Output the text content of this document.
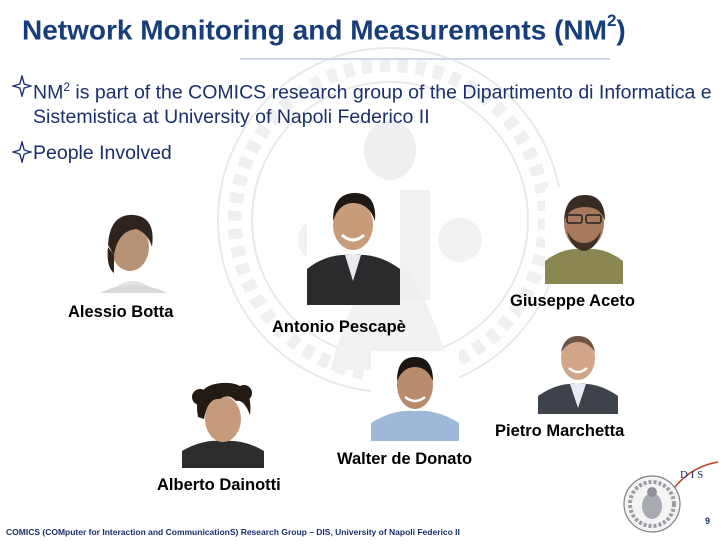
Network Monitoring and Measurements $(NM^2)$
$NM^2$ is part of the COMICS research group of the Dipartimento di Informatica e Sistemistica at University of Napoli Federico II
People Involved
Alessio Botta
Antonio Pescapè
Giuseppe Aceto
Pietro Marchetta
Walter de Donato
Alberto Dainotti
D I S
9
COMICS (COMputer for Interaction and CommunicationS) Research Group – DIS, University of Napoli Federico II
